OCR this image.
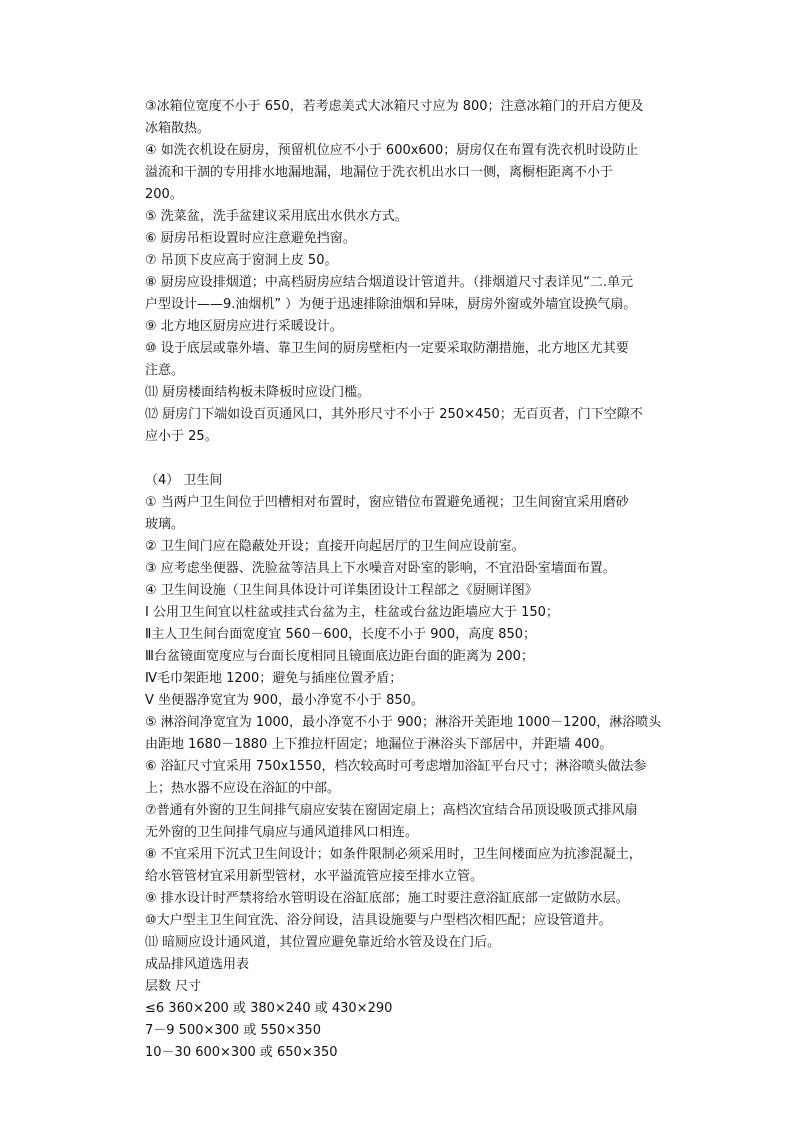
③冰箱位宽度不小于 650，若考虑美式大冰箱尺寸应为 800；注意冰箱门的开启方便及
冰箱散热。
④ 如洗衣机设在厨房，预留机位应不小于 600x600；厨房仅在布置有洗衣机时设防止
溢流和干涸的专用排水地漏地漏，地漏位于洗衣机出水口一侧，离橱柜距离不小于
200。
⑤ 洗菜盆，洗手盆建议采用底出水供水方式。
⑥ 厨房吊柜设置时应注意避免挡窗。
⑦ 吊顶下皮应高于窗洞上皮 50。
⑧ 厨房应设排烟道；中高档厨房应结合烟道设计管道井。（排烟道尺寸表详见“二.单元
户型设计——9.油烟机” ）为便于迅速排除油烟和异味，厨房外窗或外墙宜设换气扇。
⑨ 北方地区厨房应进行采暖设计。
⑩ 设于底层或靠外墙、靠卫生间的厨房壁柜内一定要采取防潮措施，北方地区尤其要
注意。
⑾ 厨房楼面结构板未降板时应设门槛。
⑿ 厨房门下端如设百页通风口，其外形尺寸不小于 250×450；无百页者，门下空隙不
应小于 25。
（4） 卫生间
① 当两户卫生间位于凹槽相对布置时，窗应错位布置避免通视；卫生间窗宜采用磨砂
玻璃。
② 卫生间门应在隐蔽处开设；直接开向起居厅的卫生间应设前室。
③ 应考虑坐便器、洗脸盆等洁具上下水噪音对卧室的影响，不宜沿卧室墙面布置。
④ 卫生间设施（卫生间具体设计可详集团设计工程部之《厨厕详图》
Ⅰ 公用卫生间宜以柱盆或挂式台盆为主，柱盆或台盆边距墙应大于 150；
Ⅱ主人卫生间台面宽度宜 560－600，长度不小于 900，高度 850；
Ⅲ台盆镜面宽度应与台面长度相同且镜面底边距台面的距离为 200；
Ⅳ毛巾架距地 1200；避免与插座位置矛盾；
Ⅴ 坐便器净宽宜为 900，最小净宽不小于 850。
⑤ 淋浴间净宽宜为 1000，最小净宽不小于 900；淋浴开关距地 1000－1200，淋浴喷头
由距地 1680－1880 上下推拉杆固定；地漏位于淋浴头下部居中，并距墙 400。
⑥ 浴缸尺寸宜采用 750x1550，档次较高时可考虑增加浴缸平台尺寸；淋浴喷头做法参
上；热水器不应设在浴缸的中部。
⑦普通有外窗的卫生间排气扇应安装在窗固定扇上；高档次宜结合吊顶设吸顶式排风扇
无外窗的卫生间排气扇应与通风道排风口相连。
⑧ 不宜采用下沉式卫生间设计；如条件限制必须采用时，卫生间楼面应为抗渗混凝土，
给水管管材宜采用新型管材，水平溢流管应接至排水立管。
⑨ 排水设计时严禁将给水管明设在浴缸底部；施工时要注意浴缸底部一定做防水层。
⑩大户型主卫生间宜洗、浴分间设，洁具设施要与户型档次相匹配；应设管道井。
⑾ 暗厕应设计通风道，其位置应避免靠近给水管及设在门后。
成品排风道选用表
层数 尺寸
≤6 360×200 或 380×240 或 430×290
7－9 500×300 或 550×350
10－30 600×300 或 650×350
